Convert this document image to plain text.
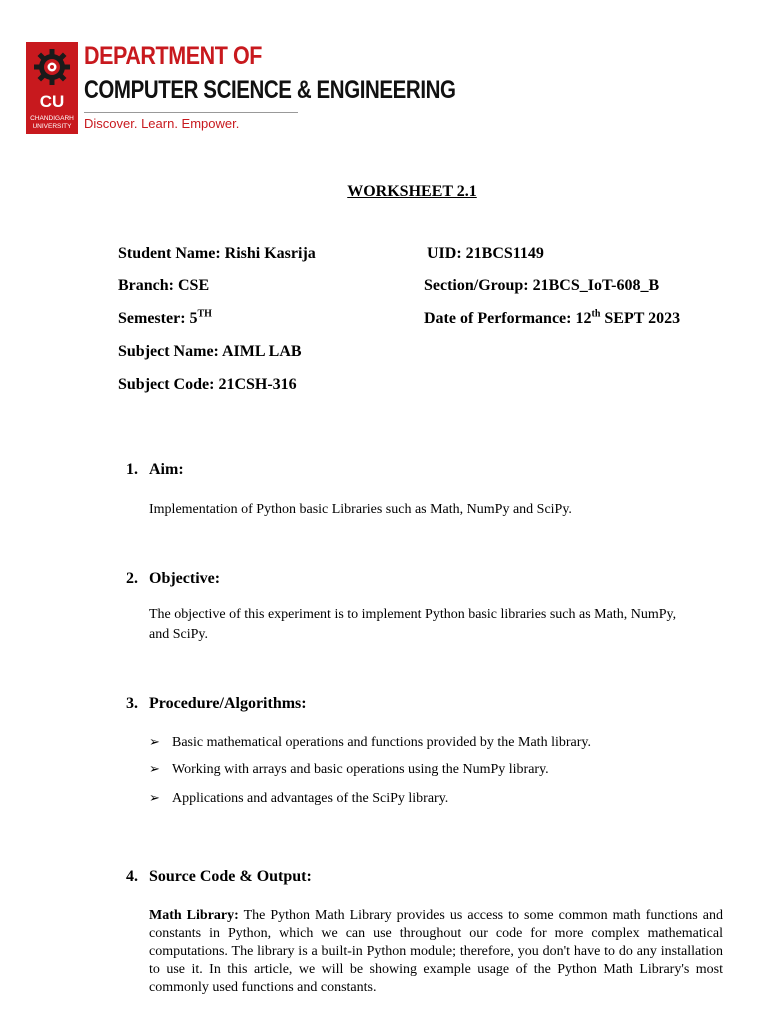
CU
CHANDIGARH
UNIVERSITY
DEPARTMENT OF
COMPUTER SCIENCE & ENGINEERING
Discover. Learn. Empower.
WORKSHEET 2.1
Student Name: Rishi Kasrija	UID: 21BCS1149
Branch: CSE	Section/Group: 21BCS_IoT-608_B
Semester: 5TH	Date of Performance: 12th SEPT 2023
Subject Name: AIML LAB
Subject Code: 21CSH-316
1. Aim:
Implementation of Python basic Libraries such as Math, NumPy and SciPy.
2. Objective:
The objective of this experiment is to implement Python basic libraries such as Math, NumPy,
and SciPy.
3. Procedure/Algorithms:
➢ Basic mathematical operations and functions provided by the Math library.
➢ Working with arrays and basic operations using the NumPy library.
➢ Applications and advantages of the SciPy library.
4. Source Code & Output:
Math Library: The Python Math Library provides us access to some common math functions and constants in Python, which we can use throughout our code for more complex mathematical computations. The library is a built-in Python module; therefore, you don't have to do any installation to use it. In this article, we will be showing example usage of the Python Math Library's most commonly used functions and constants.
